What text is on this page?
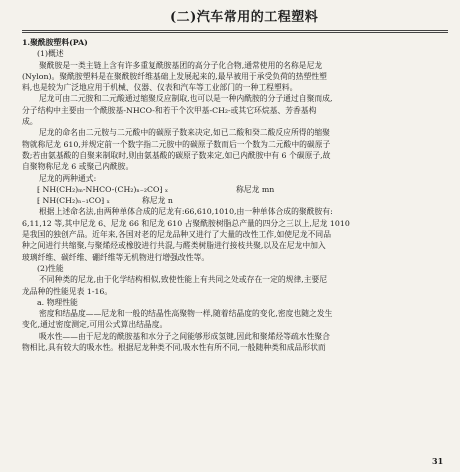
(二)汽车常用的工程塑料
1.聚酰胺塑料(PA)
(1)概述
聚酰胺是一类主链上含有许多重复酰胺基团的高分子化合物,通常使用的名称是尼龙
(Nylon)。聚酰胺塑料是在聚酰胺纤维基础上发展起来的,最早被用于承受负荷的热塑性塑
料,也是较为广泛地应用于机械、仪器、仪表和汽车等工业部门的一种工程塑料。
尼龙可由二元胺和二元酸通过缩聚反应制取,也可以是一种内酰胺的分子通过自聚而成,
分子结构中主要由一个酰胺基-NHCO-和若干个次甲基-CH₂-或其它环烷基、芳香基构
成。
尼龙的命名由二元胺与二元酸中的碳原子数来决定,如已二酸和癸二酸反应所得的缩聚
物就称尼龙 610,并规定前一个数字指二元胺中的碳原子数而后一个数为二元酸中的碳原子
数;若由氨基酸的自聚来制取时,则由氨基酸的碳原子数来定,如已内酰胺中有 6 个碳原子,故
自聚物称尼龙 6 或聚己内酰胺。
尼龙的两种通式:
⁅ NH(CH₂)ₘ-NHCO-(CH₂)ₙ₋₂CO⁆ ₓ	称尼龙 mn
⁅ NH(CH₂)ₙ₋₁CO⁆ ₓ	称尼龙 n
根据上述命名法,由两种单体合成的尼龙有:66,610,1010,由一种单体合成的聚酰胺有:
6,11,12 等,其中尼龙 6、尼龙 66 和尼龙 610 占聚酰胺树脂总产量的四分之三以上,尼龙 1010
是我国的独创产品。近年来,各国对老的尼龙品种又进行了大量的改性工作,如使尼龙不同品
种之间进行共缩聚,与聚烯烃或橡胶进行共混,与醛类树脂进行接枝共聚,以及在尼龙中加入
玻璃纤维、碳纤维、硼纤维等无机物进行增强改性等。
(2)性能
不同种类的尼龙,由于化学结构相似,致使性能上有共同之处或存在一定的规律,主要尼
龙品种的性能见表 1-16。
a. 物理性能
密度和结晶度——尼龙和一般的结晶性高聚物一样,随着结晶度的变化,密度也随之发生
变化,通过密度测定,可用公式算出结晶度。
吸水性——由于尼龙的酰胺基和水分子之间能够形成氢键,因此和聚烯烃等疏水性聚合
物相比,具有较大的吸水性。根据尼龙种类不同,吸水性有所不同,一般随种类和成品形状而
31
